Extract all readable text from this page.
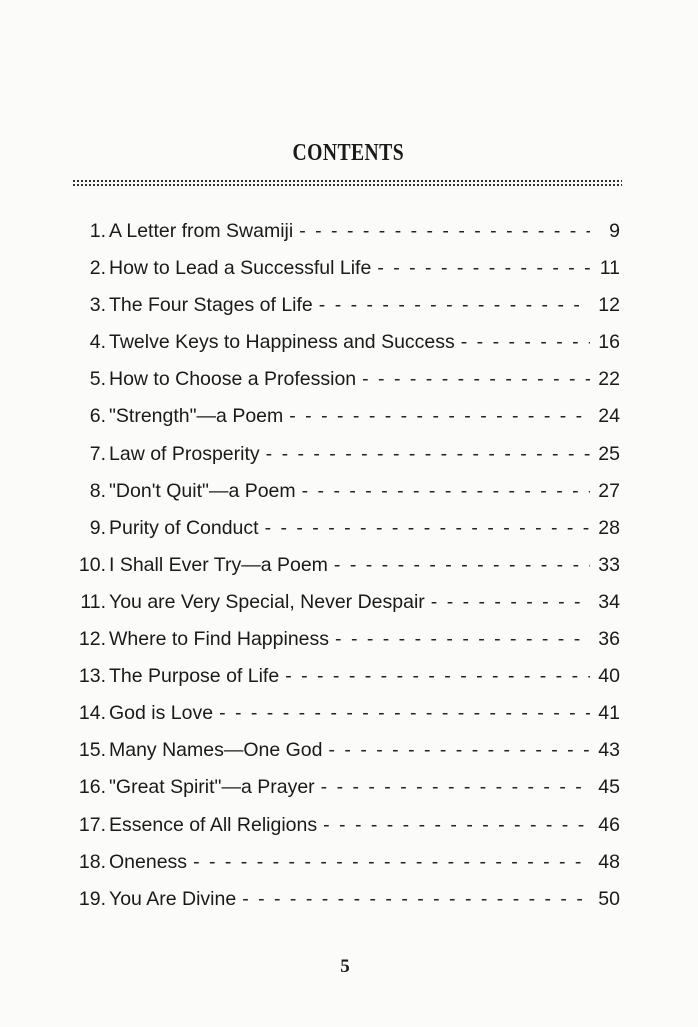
CONTENTS
1. A Letter from Swamiji - - -	9
2. How to Lead a Successful Life - - -	11
3. The Four Stages of Life - - -	12
4. Twelve Keys to Happiness and Success - - -	16
5. How to Choose a Profession - - -	22
6. "Strength"—a Poem - - -	24
7. Law of Prosperity - - -	25
8. "Don't Quit"—a Poem - - -	27
9. Purity of Conduct - - -	28
10. I Shall Ever Try—a Poem - - -	33
11. You are Very Special, Never Despair - - -	34
12. Where to Find Happiness - - -	36
13. The Purpose of Life - - -	40
14. God is Love - - -	41
15. Many Names—One God - - -	43
16. "Great Spirit"—a Prayer - - -	45
17. Essence of All Religions - - -	46
18. Oneness - - -	48
19. You Are Divine - - -	50
5
